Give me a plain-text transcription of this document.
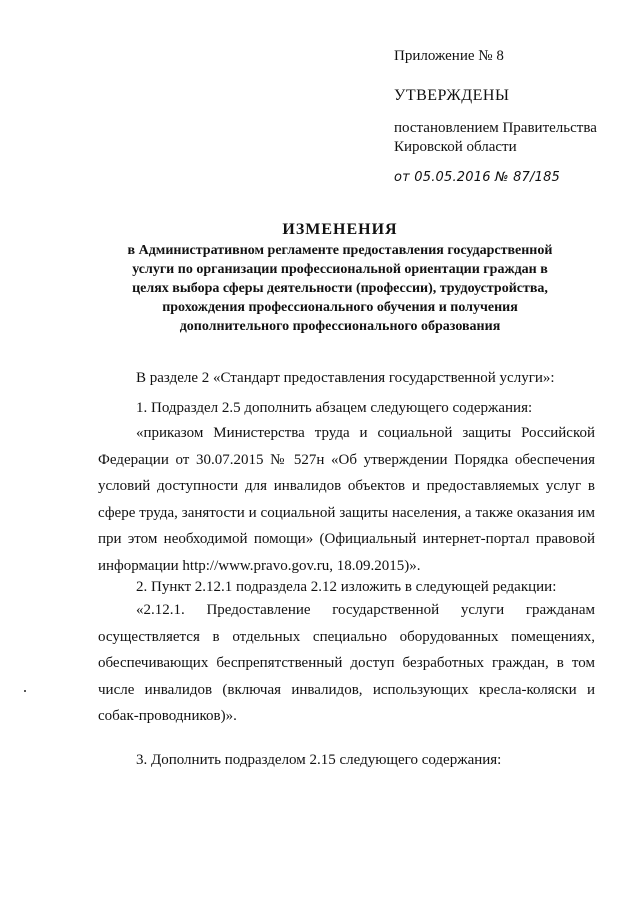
Приложение № 8
УТВЕРЖДЕНЫ
постановлением Правительства Кировской области
от 05.05.2016 № 87/185
ИЗМЕНЕНИЯ
в Административном регламенте предоставления государственной услуги по организации профессиональной ориентации граждан в целях выбора сферы деятельности (профессии), трудоустройства, прохождения профессионального обучения и получения дополнительного профессионального образования
В разделе 2 «Стандарт предоставления государственной услуги»:
1. Подраздел 2.5 дополнить абзацем следующего содержания:
«приказом Министерства труда и социальной защиты Российской Федерации от 30.07.2015 № 527н «Об утверждении Порядка обеспечения условий доступности для инвалидов объектов и предоставляемых услуг в сфере труда, занятости и социальной защиты населения, а также оказания им при этом необходимой помощи» (Официальный интернет-портал правовой информации http://www.pravo.gov.ru, 18.09.2015)».
2. Пункт 2.12.1 подраздела 2.12 изложить в следующей редакции:
«2.12.1. Предоставление государственной услуги гражданам осуществляется в отдельных специально оборудованных помещениях, обеспечивающих беспрепятственный доступ безработных граждан, в том числе инвалидов (включая инвалидов, использующих кресла-коляски и собак-проводников)».
3. Дополнить подразделом 2.15 следующего содержания:
